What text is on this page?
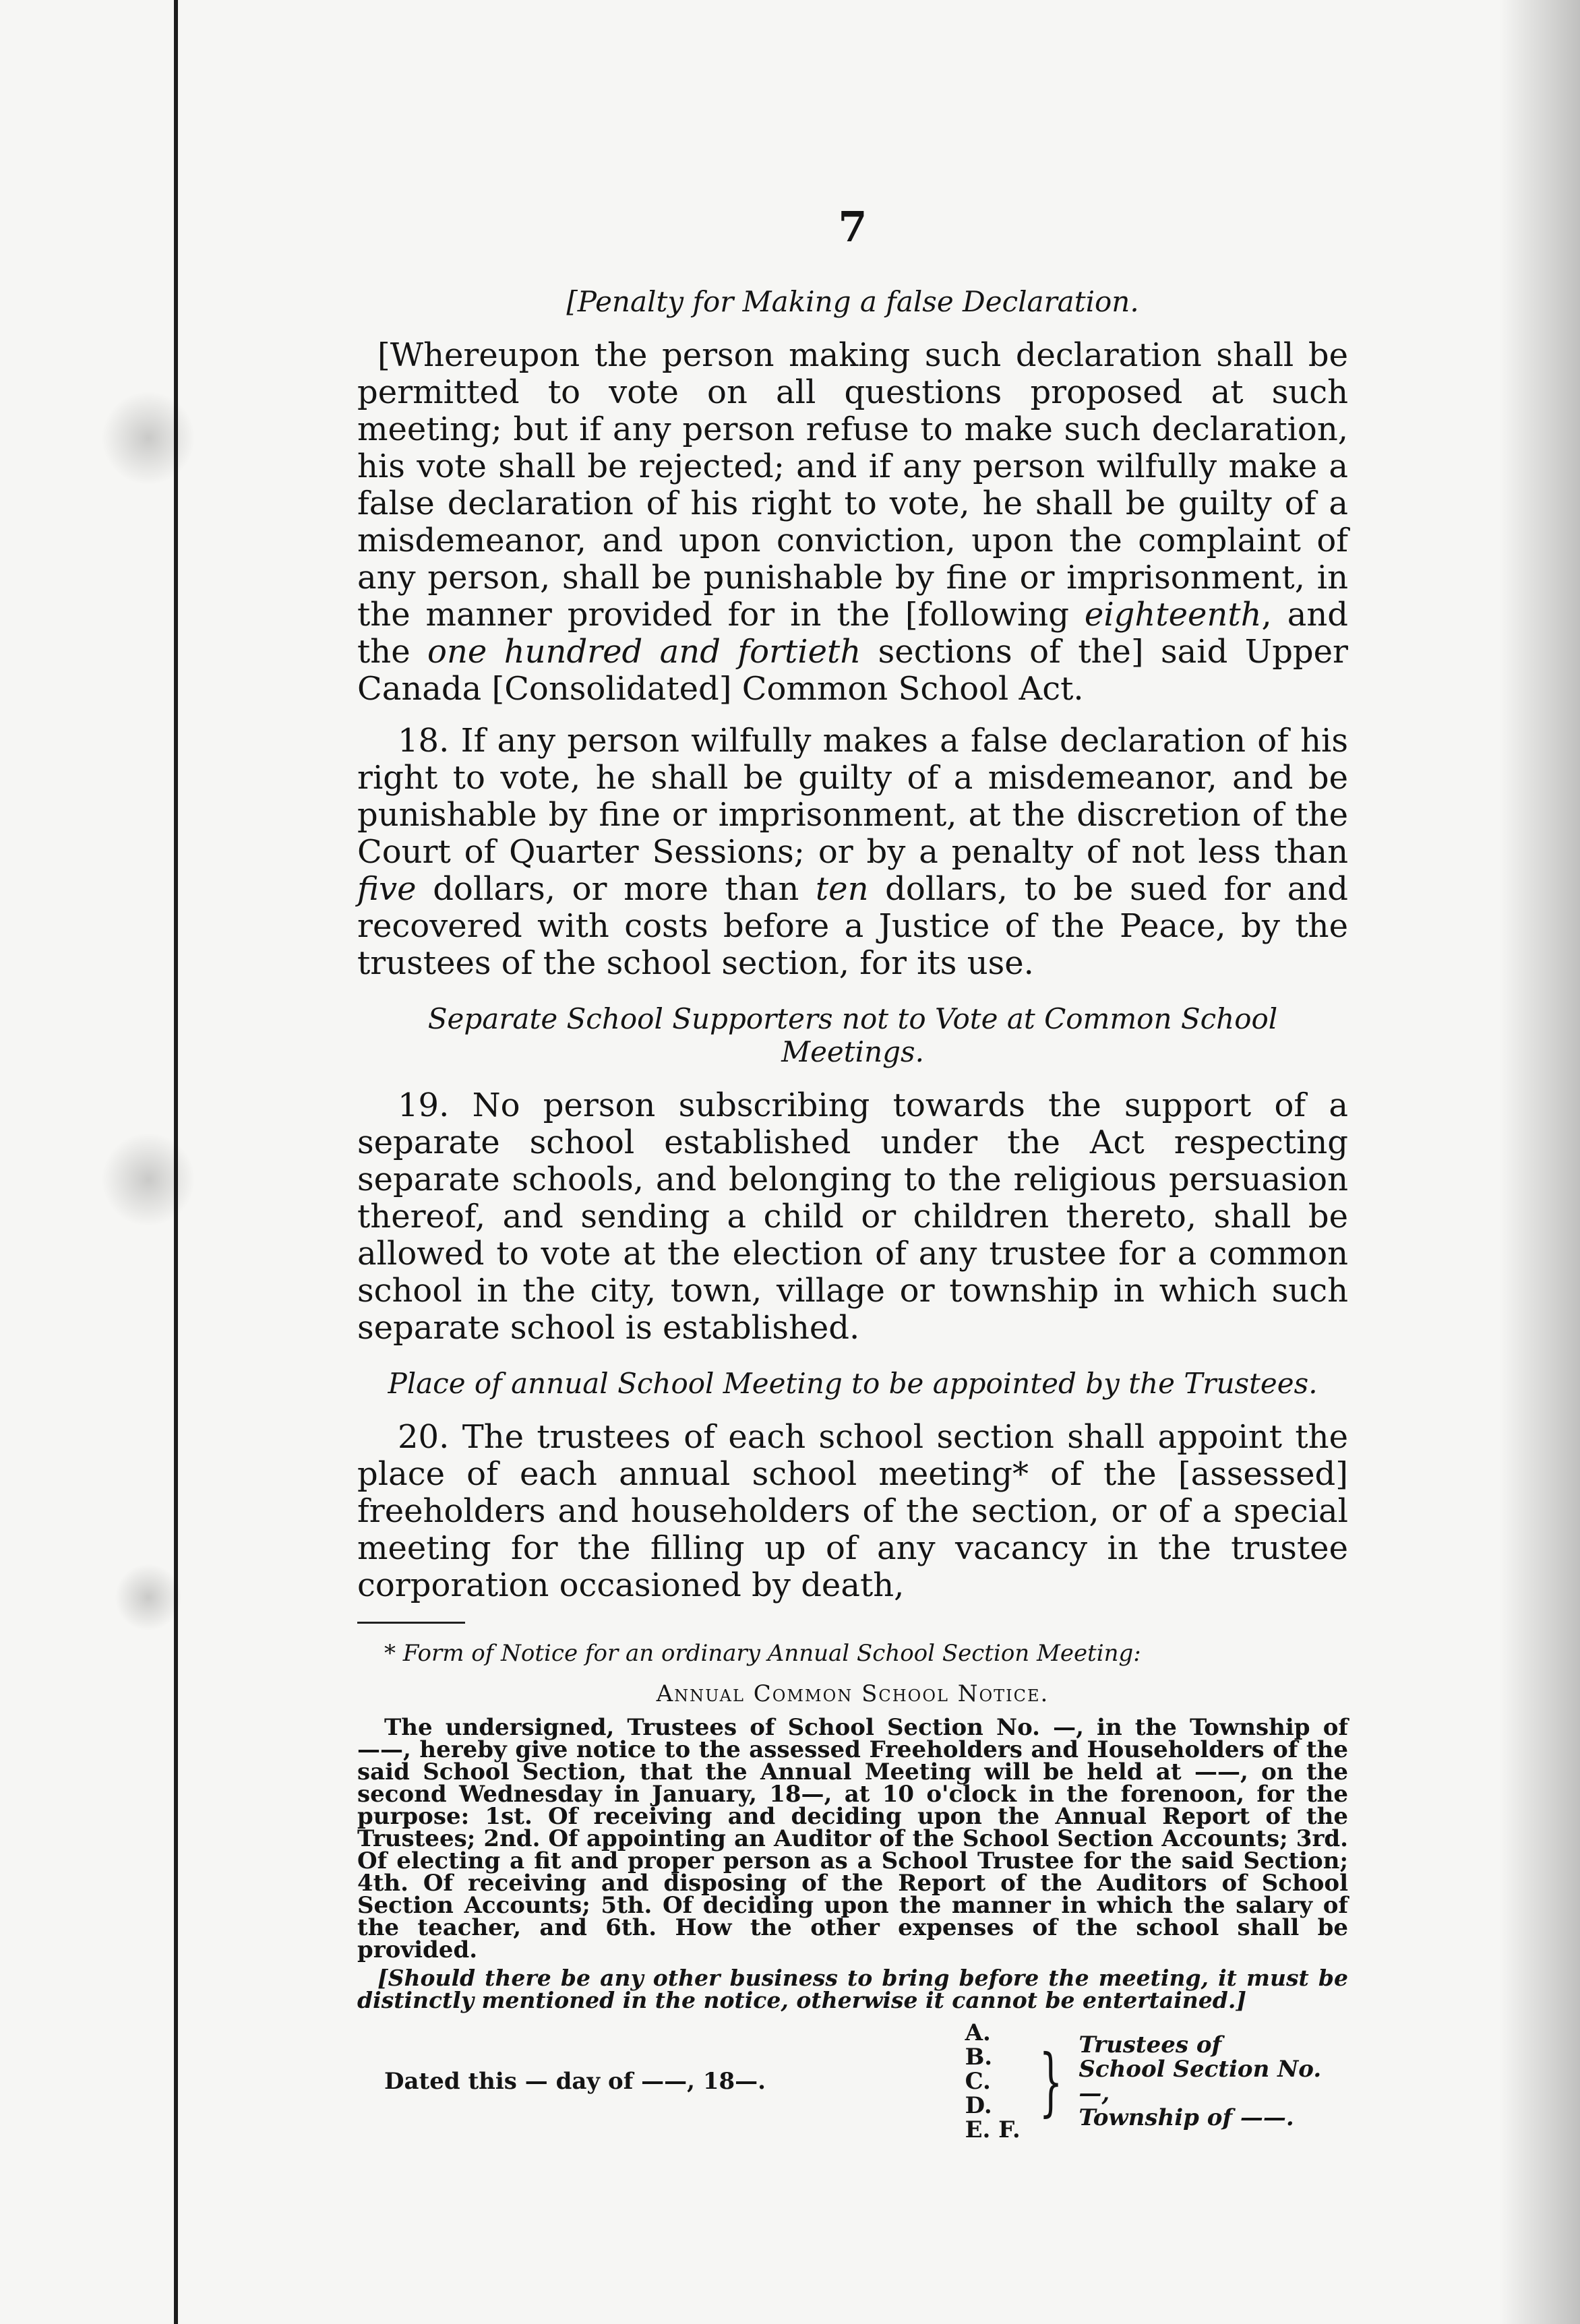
7
[Penalty for Making a false Declaration.

[Whereupon the person making such declaration shall be permitted to vote on all questions proposed at such meeting; but if any person refuse to make such declaration, his vote shall be rejected; and if any person wilfully make a false declaration of his right to vote, he shall be guilty of a misdemeanor, and upon conviction, upon the complaint of any person, shall be punishable by fine or imprisonment, in the manner provided for in the [following eighteenth, and the one hundred and fortieth sections of the] said Upper Canada [Consolidated] Common School Act.

18. If any person wilfully makes a false declaration of his right to vote, he shall be guilty of a misdemeanor, and be punishable by fine or imprisonment, at the discretion of the Court of Quarter Sessions; or by a penalty of not less than five dollars, or more than ten dollars, to be sued for and recovered with costs before a Justice of the Peace, by the trustees of the school section, for its use.

Separate School Supporters not to Vote at Common School Meetings.

19. No person subscribing towards the support of a separate school established under the Act respecting separate schools, and belonging to the religious persuasion thereof, and sending a child or children thereto, shall be allowed to vote at the election of any trustee for a common school in the city, town, village or township in which such separate school is established.

Place of annual School Meeting to be appointed by the Trustees.

20. The trustees of each school section shall appoint the place of each annual school meeting* of the [assessed] freeholders and householders of the section, or of a special meeting for the filling up of any vacancy in the trustee corporation occasioned by death,

* Form of Notice for an ordinary Annual School Section Meeting:
Annual Common School Notice.

The undersigned, Trustees of School Section No. —, in the Township of ——, hereby give notice to the assessed Freeholders and Householders of the said School Section, that the Annual Meeting will be held at ——, on the second Wednesday in January, 18—, at 10 o'clock in the forenoon, for the purpose: 1st. Of receiving and deciding upon the Annual Report of the Trustees; 2nd. Of appointing an Auditor of the School Section Accounts; 3rd. Of electing a fit and proper person as a School Trustee for the said Section; 4th. Of receiving and disposing of the Report of the Auditors of School Section Accounts; 5th. Of deciding upon the manner in which the salary of the teacher, and 6th. How the other expenses of the school shall be provided.

[Should there be any other business to bring before the meeting, it must be distinctly mentioned in the notice, otherwise it cannot be entertained.]

Dated this — day of ——, 18—.
A. B.
C. D.
E. F.
} Trustees of
School Section No. —,
Township of ——.
